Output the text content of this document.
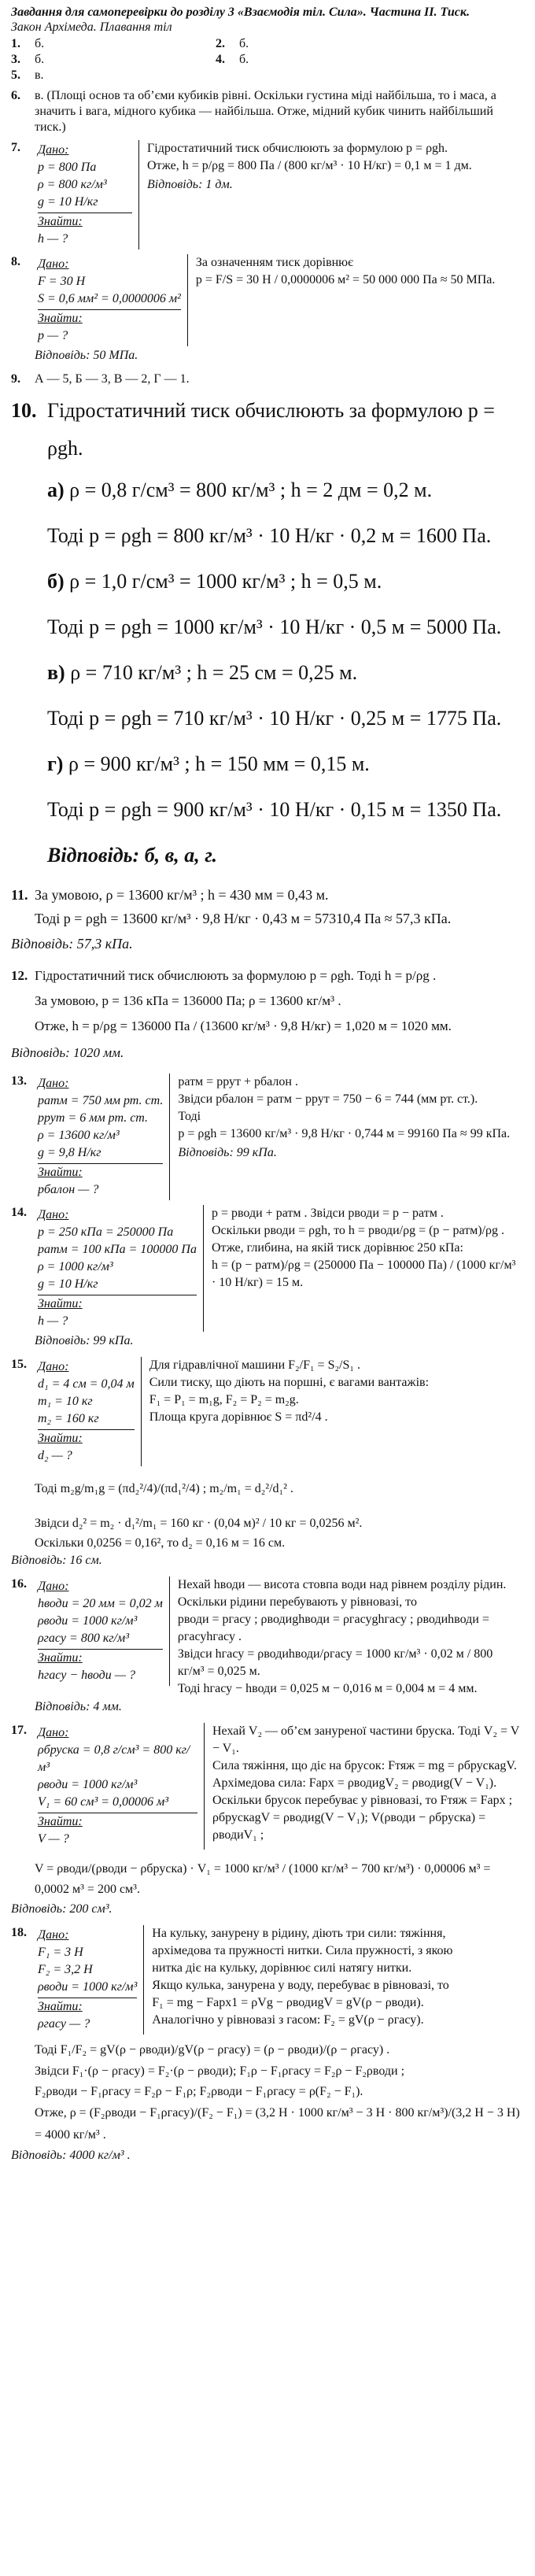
Завдання для самоперевірки до розділу 3 «Взаємодія тіл. Сила». Частина ІІ. Тиск.
Закон Архімеда. Плавання тіл
1.	б.	2.	б.
3.	б.	4.	б.
5.	в.
6.	в. (Площі основ та об’єми кубиків рівні. Оскільки густина міді найбільша, то і маса, а значить і вага, мідного кубика — найбільша. Отже, мідний кубик чинить найбільший тиск.)
7.	Дано:
p = 800 Па
ρ = 800 кг/м³
g = 10 Н/кг
Знайти:
h — ?
Гідростатичний тиск обчислюють за формулою p = ρgh.
Отже, h = p/ρg = 800 Па / (800 кг/м³ · 10 Н/кг) = 0,1 м = 1 дм.
Відповідь: 1 дм.
8.	Дано:
F = 30 Н
S = 0,6 мм² = 0,0000006 м²
Знайти:
p — ?
За означенням тиск дорівнює
p = F/S = 30 Н / 0,0000006 м² = 50 000 000 Па ≈ 50 МПа.
Відповідь: 50 МПа.
9.	А — 5, Б — 3, В — 2, Г — 1.
10. Гідростатичний тиск обчислюють за формулою p = ρgh.
а) ρ = 0,8 г/см³ = 800 кг/м³ ; h = 2 дм = 0,2 м.
Тоді p = ρgh = 800 кг/м³ · 10 Н/кг · 0,2 м = 1600 Па.
б) ρ = 1,0 г/см³ = 1000 кг/м³ ; h = 0,5 м.
Тоді p = ρgh = 1000 кг/м³ · 10 Н/кг · 0,5 м = 5000 Па.
в) ρ = 710 кг/м³ ; h = 25 см = 0,25 м.
Тоді p = ρgh = 710 кг/м³ · 10 Н/кг · 0,25 м = 1775 Па.
г) ρ = 900 кг/м³ ; h = 150 мм = 0,15 м.
Тоді p = ρgh = 900 кг/м³ · 10 Н/кг · 0,15 м = 1350 Па.
Відповідь: б, в, а, г.
11. За умовою, ρ = 13600 кг/м³ ; h = 430 мм = 0,43 м.
Тоді p = ρgh = 13600 кг/м³ · 9,8 Н/кг · 0,43 м = 57310,4 Па ≈ 57,3 кПа.
Відповідь: 57,3 кПа.
12. Гідростатичний тиск обчислюють за формулою p = ρgh. Тоді h = p/ρg .
За умовою, p = 136 кПа = 136000 Па; ρ = 13600 кг/м³ .
Отже, h = p/ρg = 136000 Па / (13600 кг/м³ · 9,8 Н/кг) = 1,020 м = 1020 мм.
Відповідь: 1020 мм.
13. Дано:
pатм = 750 мм рт. ст.
pрут = 6 мм рт. ст.
ρ = 13600 кг/м³
g = 9,8 Н/кг
Знайти:
pбалон — ?
pатм = pрут + pбалон .
Звідси pбалон = pатм − pрут = 750 − 6 = 744 (мм рт. ст.).
Тоді
p = ρgh = 13600 кг/м³ · 9,8 Н/кг · 0,744 м = 99160 Па ≈ 99 кПа.
Відповідь: 99 кПа.
14. Дано:
p = 250 кПа = 250000 Па
pатм = 100 кПа = 100000 Па
ρ = 1000 кг/м³
g = 10 Н/кг
Знайти:
h — ?
p = pводи + pатм . Звідси pводи = p − pатм .
Оскільки pводи = ρgh, то h = pводи/ρg = (p − pатм)/ρg .
Отже, глибина, на якій тиск дорівнює 250 кПа:
h = (p − pатм)/ρg = (250000 Па − 100000 Па) / (1000 кг/м³ · 10 Н/кг) = 15 м.
Відповідь: 99 кПа.
15. Дано:
d₁ = 4 см = 0,04 м
m₁ = 10 кг
m₂ = 160 кг
Знайти:
d₂ — ?
Для гідравлічної машини F₂/F₁ = S₂/S₁ .
Сили тиску, що діють на поршні, є вагами вантажів:
F₁ = P₁ = m₁g, F₂ = P₂ = m₂g.
Площа круга дорівнює S = πd²/4 .
Тоді m₂g/m₁g = (πd₂²/4)/(πd₁²/4) ; m₂/m₁ = d₂²/d₁² .
Звідси d₂² = m₂ · d₁²/m₁ = 160 кг · (0,04 м)² / 10 кг = 0,0256 м².
Оскільки 0,0256 = 0,16², то d₂ = 0,16 м = 16 см.
Відповідь: 16 см.
16. Дано:
hводи = 20 мм = 0,02 м
ρводи = 1000 кг/м³
ρгасу = 800 кг/м³
Знайти:
hгасу − hводи — ?
Нехай hводи — висота стовпа води над рівнем розділу рідин. Оскільки рідини перебувають у рівновазі, то
pводи = pгасу ; ρводиghводи = ρгасуghгасу ; ρводиhводи = ρгасуhгасу .
Звідси hгасу = ρводиhводи/ρгасу = 1000 кг/м³ · 0,02 м / 800 кг/м³ = 0,025 м.
Тоді hгасу − hводи = 0,025 м − 0,016 м = 0,004 м = 4 мм.
Відповідь: 4 мм.
17. Дано:
ρбруска = 0,8 г/см³ = 800 кг/м³
ρводи = 1000 кг/м³
V₁ = 60 см³ = 0,00006 м³
Знайти:
V — ?
Нехай V₂ — об’єм зануреної частини бруска. Тоді V₂ = V − V₁.
Сила тяжіння, що діє на брусок: Fтяж = mg = ρбрускаgV.
Архімедова сила: Fарх = ρводиgV₂ = ρводиg(V − V₁).
Оскільки брусок перебуває у рівновазі, то Fтяж = Fарх ;
ρбрускаgV = ρводиg(V − V₁); V(ρводи − ρбруска) = ρводиV₁ ;
V = ρводи/(ρводи − ρбруска) · V₁ = 1000 кг/м³ / (1000 кг/м³ − 700 кг/м³) · 0,00006 м³ = 0,0002 м³ = 200 см³.
Відповідь: 200 см³.
18. Дано:
F₁ = 3 Н
F₂ = 3,2 Н
ρводи = 1000 кг/м³
Знайти:
ρгасу — ?
На кульку, занурену в рідину, діють три сили: тяжіння, архімедова та пружності нитки. Сила пружності, з якою нитка діє на кульку, дорівнює силі натягу нитки.
Якщо кулька, занурена у воду, перебуває в рівновазі, то
F₁ = mg − Fарх1 = ρVg − ρводиgV = gV(ρ − ρводи).
Аналогічно у рівновазі з гасом: F₂ = gV(ρ − ρгасу).
Тоді F₁/F₂ = gV(ρ − ρводи)/gV(ρ − ρгасу) = (ρ − ρводи)/(ρ − ρгасу) .
Звідси F₁·(ρ − ρгасу) = F₂·(ρ − ρводи); F₁ρ − F₁ρгасу = F₂ρ − F₂ρводи ;
F₂ρводи − F₁ρгасу = F₂ρ − F₁ρ; F₂ρводи − F₁ρгасу = ρ(F₂ − F₁).
Отже, ρ = (F₂ρводи − F₁ρгасу)/(F₂ − F₁) = (3,2 Н · 1000 кг/м³ − 3 Н · 800 кг/м³)/(3,2 Н − 3 Н) = 4000 кг/м³ .
Відповідь: 4000 кг/м³ .
